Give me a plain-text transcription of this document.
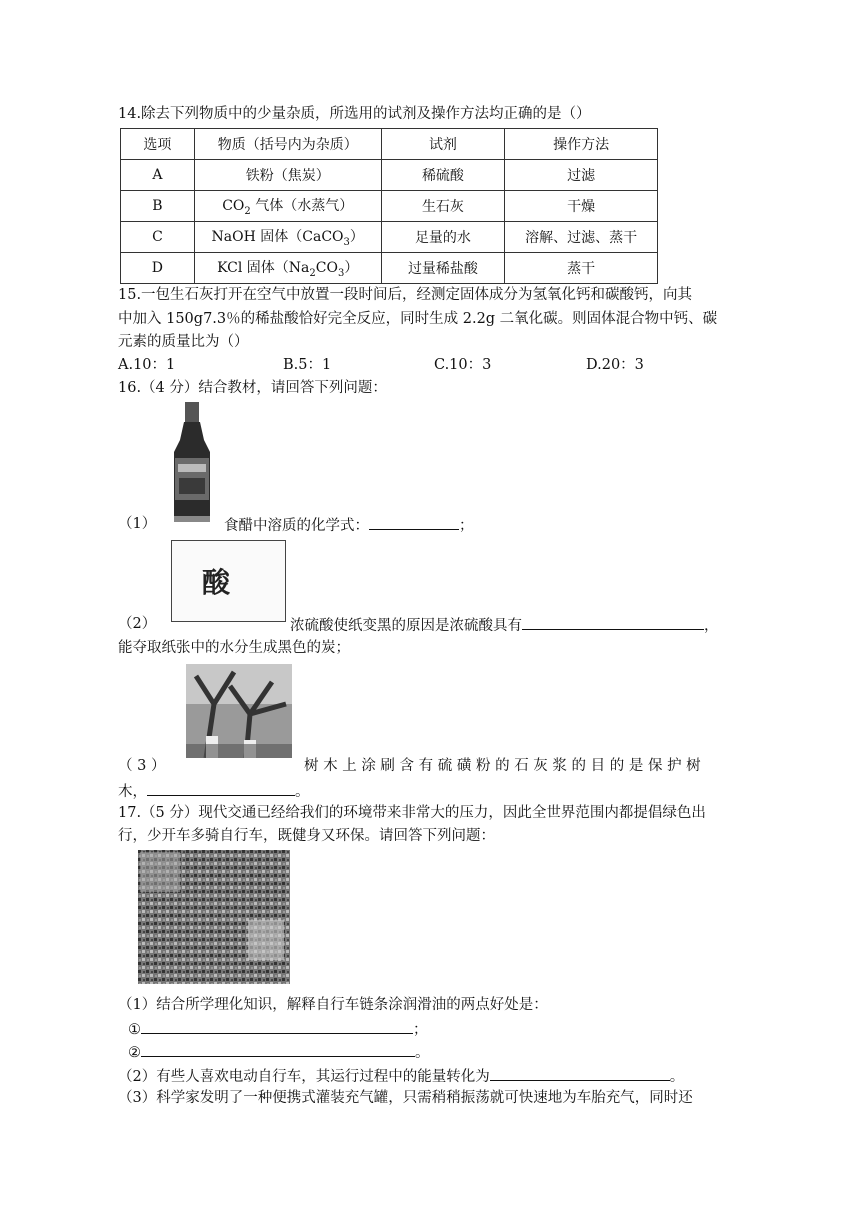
14.除去下列物质中的少量杂质，所选用的试剂及操作方法均正确的是（）
选项	物质（括号内为杂质）	试剂	操作方法
A	铁粉（焦炭）	稀硫酸	过滤
B	$CO_2$ 气体（水蒸气）	生石灰	干燥
C	NaOH 固体（CaCO$_3$）	足量的水	溶解、过滤、蒸干
D	KCl 固体$(Na_2CO_3)$	过量稀盐酸	蒸干
15.一包生石灰打开在空气中放置一段时间后，经测定固体成分为氢氧化钙和碳酸钙，向其
中加入 150g7.3％的稀盐酸恰好完全反应，同时生成 2.2g 二氧化碳。则固体混合物中钙、碳
元素的质量比为（）
A.10：1	B.5：1	C.10：3	D.20：3
16.（4 分）结合教材，请回答下列问题：
（1）	食醋中溶质的化学式：	；
酸
（2）	浓硫酸使纸变黑的原因是浓硫酸具有	，
能夺取纸张中的水分生成黑色的炭；
（ 3 ）	树 木 上 涂 刷 含 有 硫 磺 粉 的 石 灰 浆 的 目 的 是 保 护 树
木，	。
17.（5 分）现代交通已经给我们的环境带来非常大的压力，因此全世界范围内都提倡绿色出
行，少开车多骑自行车，既健身又环保。请回答下列问题：
（1）结合所学理化知识，解释自行车链条涂润滑油的两点好处是：
①	；
②	。
（2）有些人喜欢电动自行车，其运行过程中的能量转化为	。
（3）科学家发明了一种便携式灌装充气罐，只需稍稍振荡就可快速地为车胎充气，同时还
